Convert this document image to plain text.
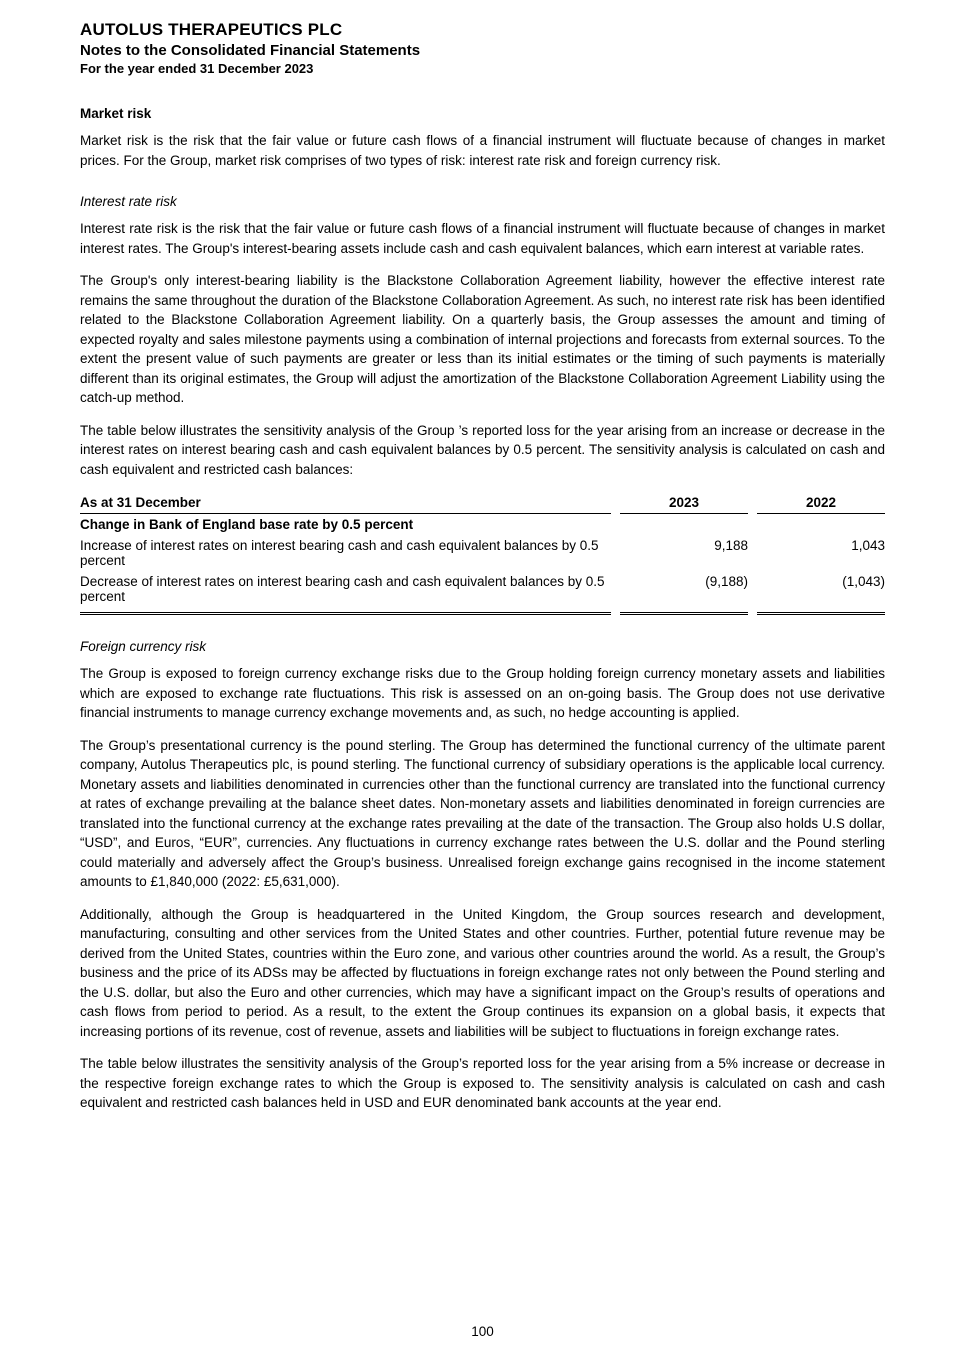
AUTOLUS THERAPEUTICS PLC
Notes to the Consolidated Financial Statements
For the year ended 31 December 2023
Market risk

Market risk is the risk that the fair value or future cash flows of a financial instrument will fluctuate because of changes in market prices. For the Group, market risk comprises of two types of risk: interest rate risk and foreign currency risk.

Interest rate risk

Interest rate risk is the risk that the fair value or future cash flows of a financial instrument will fluctuate because of changes in market interest rates. The Group's interest-bearing assets include cash and cash equivalent balances, which earn interest at variable rates.

The Group's only interest-bearing liability is the Blackstone Collaboration Agreement liability, however the effective interest rate remains the same throughout the duration of the Blackstone Collaboration Agreement. As such, no interest rate risk has been identified related to the Blackstone Collaboration Agreement liability. On a quarterly basis, the Group assesses the amount and timing of expected royalty and sales milestone payments using a combination of internal projections and forecasts from external sources. To the extent the present value of such payments are greater or less than its initial estimates or the timing of such payments is materially different than its original estimates, the Group will adjust the amortization of the Blackstone Collaboration Agreement Liability using the catch-up method.

The table below illustrates the sensitivity analysis of the Group ’s reported loss for the year arising from an increase or decrease in the interest rates on interest bearing cash and cash equivalent balances by 0.5 percent. The sensitivity analysis is calculated on cash and cash equivalent and restricted cash balances:

As at 31 December		2023		2022
Change in Bank of England base rate by 0.5 percent				
Increase of interest rates on interest bearing cash and cash equivalent balances by 0.5 percent		9,188		1,043
Decrease of interest rates on interest bearing cash and cash equivalent balances by 0.5 percent		(9,188)		(1,043)
Foreign currency risk

The Group is exposed to foreign currency exchange risks due to the Group holding foreign currency monetary assets and liabilities which are exposed to exchange rate fluctuations. This risk is assessed on an on-going basis. The Group does not use derivative financial instruments to manage currency exchange movements and, as such, no hedge accounting is applied.

The Group’s presentational currency is the pound sterling. The Group has determined the functional currency of the ultimate parent company, Autolus Therapeutics plc, is pound sterling. The functional currency of subsidiary operations is the applicable local currency. Monetary assets and liabilities denominated in currencies other than the functional currency are translated into the functional currency at rates of exchange prevailing at the balance sheet dates. Non-monetary assets and liabilities denominated in foreign currencies are translated into the functional currency at the exchange rates prevailing at the date of the transaction. The Group also holds U.S dollar, “USD”, and Euros, “EUR”, currencies. Any fluctuations in currency exchange rates between the U.S. dollar and the Pound sterling could materially and adversely affect the Group’s business. Unrealised foreign exchange gains recognised in the income statement amounts to £1,840,000 (2022: £5,631,000).

Additionally, although the Group is headquartered in the United Kingdom, the Group sources research and development, manufacturing, consulting and other services from the United States and other countries. Further, potential future revenue may be derived from the United States, countries within the Euro zone, and various other countries around the world. As a result, the Group’s business and the price of its ADSs may be affected by fluctuations in foreign exchange rates not only between the Pound sterling and the U.S. dollar, but also the Euro and other currencies, which may have a significant impact on the Group’s results of operations and cash flows from period to period. As a result, to the extent the Group continues its expansion on a global basis, it expects that increasing portions of its revenue, cost of revenue, assets and liabilities will be subject to fluctuations in foreign exchange rates.

The table below illustrates the sensitivity analysis of the Group’s reported loss for the year arising from a 5% increase or decrease in the respective foreign exchange rates to which the Group is exposed to. The sensitivity analysis is calculated on cash and cash equivalent and restricted cash balances held in USD and EUR denominated bank accounts at the year end.

100
